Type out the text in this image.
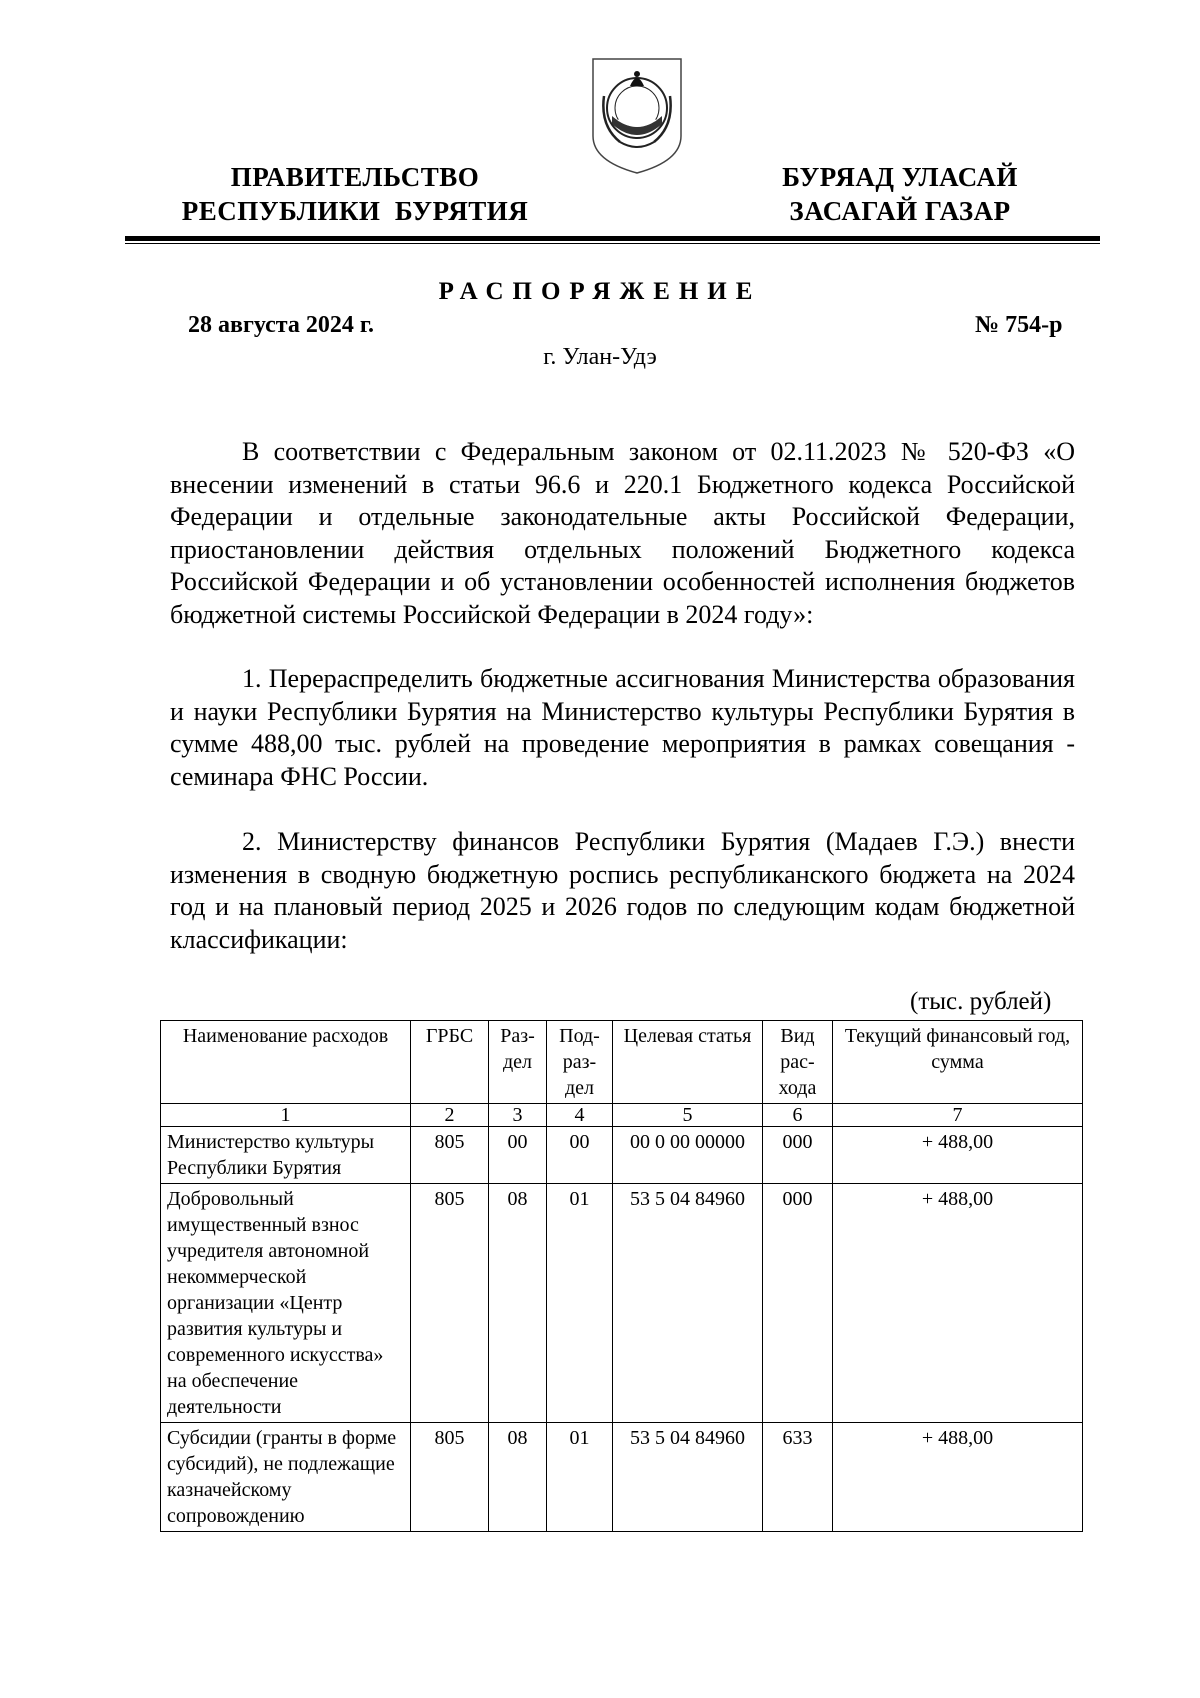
ПРАВИТЕЛЬСТВО
РЕСПУБЛИКИ  БУРЯТИЯ
БУРЯАД УЛАСАЙ
ЗАСАГАЙ ГАЗАР
РАСПОРЯЖЕНИЕ
28 августа 2024 г.	№ 754-р
г. Улан-Удэ
В соответствии с Федеральным законом от 02.11.2023 № 520-ФЗ «О внесении изменений в статьи 96.6 и 220.1 Бюджетного кодекса Российской Федерации и отдельные законодательные акты Российской Федерации, приостановлении действия отдельных положений Бюджетного кодекса Российской Федерации и об установлении особенностей исполнения бюджетов бюджетной системы Российской Федерации в 2024 году»:
1. Перераспределить бюджетные ассигнования Министерства образования и науки Республики Бурятия на Министерство культуры Республики Бурятия в сумме 488,00 тыс. рублей на проведение мероприятия в рамках совещания - семинара ФНС России.
2. Министерству финансов Республики Бурятия (Мадаев Г.Э.) внести изменения в сводную бюджетную роспись республиканского бюджета на 2024 год и на плановый период 2025 и 2026 годов по следующим кодам бюджетной классификации:
(тыс. рублей)
Наименование расходов	ГРБС	Раз-дел	Под-раз-дел	Целевая статья	Вид рас-хода	Текущий финансовый год, сумма
1	2	3	4	5	6	7
Министерство культуры Республики Бурятия	805	00	00	00 0 00 00000	000	+ 488,00
Добровольный имущественный взнос учредителя автономной некоммерческой организации «Центр развития культуры и современного искусства» на обеспечение деятельности	805	08	01	53 5 04 84960	000	+ 488,00
Субсидии (гранты в форме субсидий), не подлежащие казначейскому сопровождению	805	08	01	53 5 04 84960	633	+ 488,00
